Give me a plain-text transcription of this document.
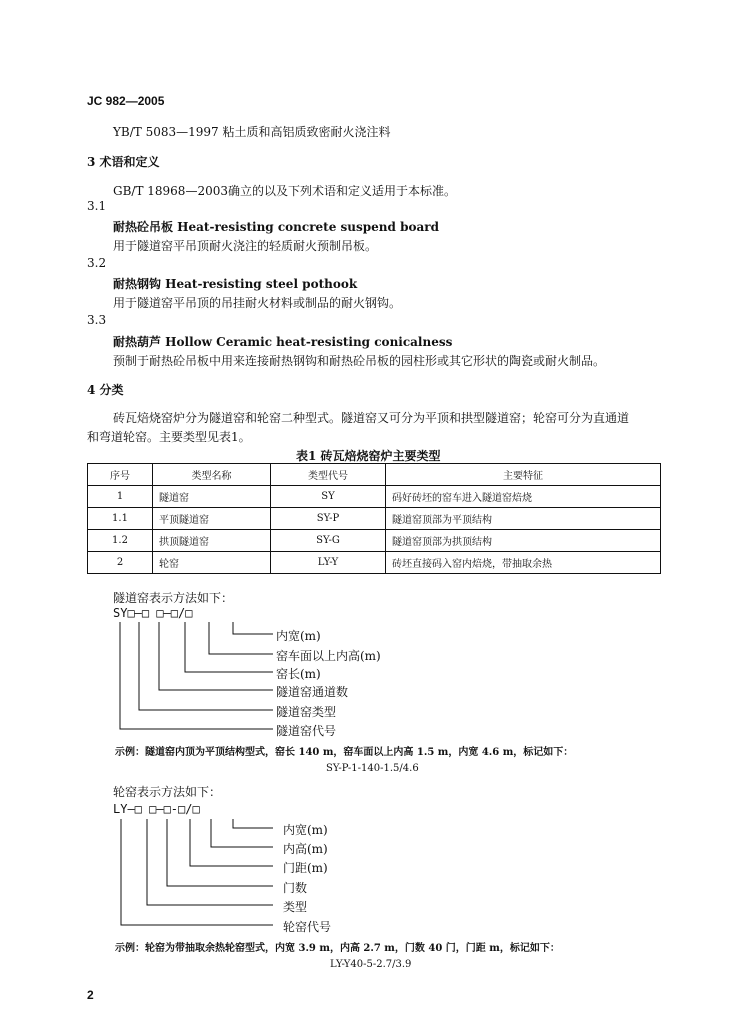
JC 982—2005
YB/T 5083—1997 粘土质和高铝质致密耐火浇注料
3 术语和定义
GB/T 18968—2003确立的以及下列术语和定义适用于本标准。
3.1
耐热砼吊板 Heat-resisting concrete suspend board
用于隧道窑平吊顶耐火浇注的轻质耐火预制吊板。
3.2
耐热钢钩 Heat-resisting steel pothook
用于隧道窑平吊顶的吊挂耐火材料或制品的耐火钢钩。
3.3
耐热葫芦 Hollow Ceramic heat-resisting conicalness
预制于耐热砼吊板中用来连接耐热钢钩和耐热砼吊板的园柱形或其它形状的陶瓷或耐火制品。
4 分类
砖瓦焙烧窑炉分为隧道窑和轮窑二种型式。隧道窑又可分为平顶和拱型隧道窑；轮窑可分为直通道
和弯道轮窑。主要类型见表1。
表1 砖瓦焙烧窑炉主要类型
序号	类型名称	类型代号	主要特征
1	隧道窑	SY	码好砖坯的窑车进入隧道窑焙烧
1.1	平顶隧道窑	SY-P	隧道窑顶部为平顶结构
1.2	拱顶隧道窑	SY-G	隧道窑顶部为拱顶结构
2	轮窑	LY-Y	砖坯直接码入窑内焙烧，带抽取余热
隧道窑表示方法如下：
SY□—□ □—□/□
内宽(m)
窑车面以上内高(m)
窑长(m)
隧道窑通道数
隧道窑类型
隧道窑代号
示例：隧道窑内顶为平顶结构型式，窑长 140 m，窑车面以上内高 1.5 m，内宽 4.6 m，标记如下：
SY-P-1-140-1.5/4.6
轮窑表示方法如下：
LY—□ □—□-□/□
内宽(m)
内高(m)
门距(m)
门数
类型
轮窑代号
示例：轮窑为带抽取余热轮窑型式，内宽 3.9 m，内高 2.7 m，门数 40 门，门距 m，标记如下：
LY-Y40-5-2.7/3.9
2
